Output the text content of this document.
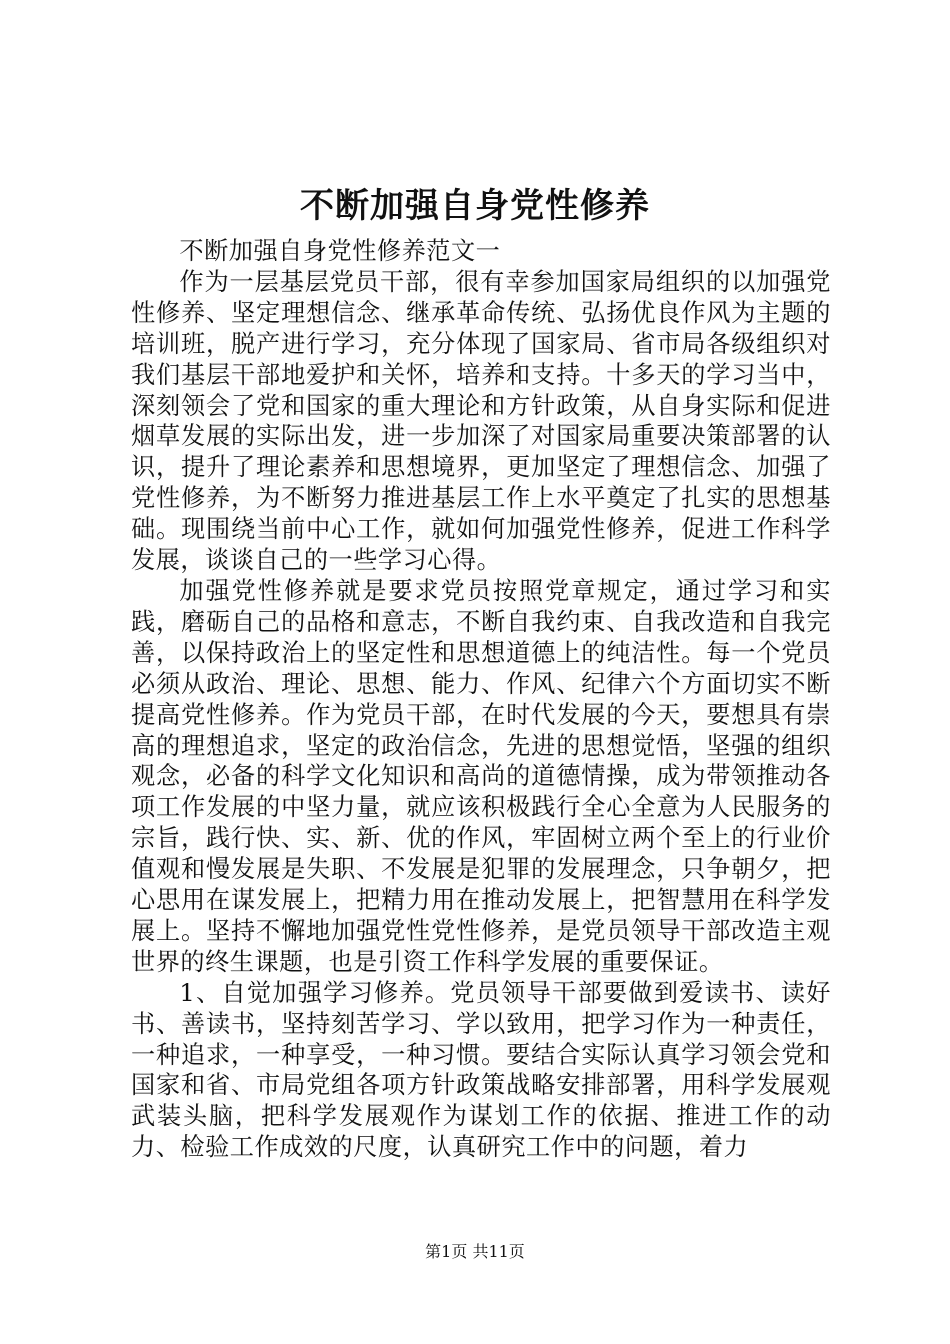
不断加强自身党性修养

不断加强自身党性修养范文一

作为一层基层党员干部，很有幸参加国家局组织的以加强党性修养、坚定理想信念、继承革命传统、弘扬优良作风为主题的培训班，脱产进行学习，充分体现了国家局、省市局各级组织对我们基层干部地爱护和关怀，培养和支持。十多天的学习当中，深刻领会了党和国家的重大理论和方针政策，从自身实际和促进烟草发展的实际出发，进一步加深了对国家局重要决策部署的认识，提升了理论素养和思想境界，更加坚定了理想信念、加强了党性修养，为不断努力推进基层工作上水平奠定了扎实的思想基础。现围绕当前中心工作，就如何加强党性修养，促进工作科学发展，谈谈自己的一些学习心得。

加强党性修养就是要求党员按照党章规定，通过学习和实践，磨砺自己的品格和意志，不断自我约束、自我改造和自我完善，以保持政治上的坚定性和思想道德上的纯洁性。每一个党员必须从政治、理论、思想、能力、作风、纪律六个方面切实不断提高党性修养。作为党员干部，在时代发展的今天，要想具有崇高的理想追求，坚定的政治信念，先进的思想觉悟，坚强的组织观念，必备的科学文化知识和高尚的道德情操，成为带领推动各项工作发展的中坚力量，就应该积极践行全心全意为人民服务的宗旨，践行快、实、新、优的作风，牢固树立两个至上的行业价值观和慢发展是失职、不发展是犯罪的发展理念，只争朝夕，把心思用在谋发展上，把精力用在推动发展上，把智慧用在科学发展上。坚持不懈地加强党性党性修养，是党员领导干部改造主观世界的终生课题，也是引资工作科学发展的重要保证。

1、自觉加强学习修养。党员领导干部要做到爱读书、读好书、善读书，坚持刻苦学习、学以致用，把学习作为一种责任，一种追求，一种享受，一种习惯。要结合实际认真学习领会党和国家和省、市局党组各项方针政策战略安排部署，用科学发展观武装头脑，把科学发展观作为谋划工作的依据、推进工作的动力、检验工作成效的尺度，认真研究工作中的问题，着力

第1页 共11页
